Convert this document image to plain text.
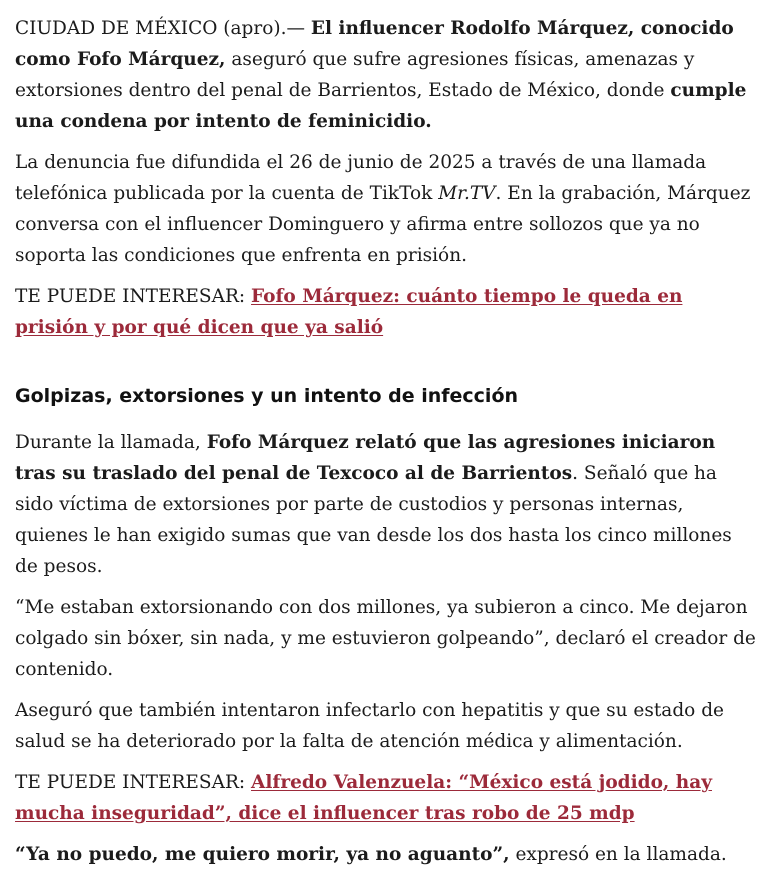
CIUDAD DE MÉXICO (apro).— El influencer Rodolfo Márquez, conocido como Fofo Márquez, aseguró que sufre agresiones físicas, amenazas y extorsiones dentro del penal de Barrientos, Estado de México, donde cumple una condena por intento de feminicidio.

La denuncia fue difundida el 26 de junio de 2025 a través de una llamada telefónica publicada por la cuenta de TikTok Mr.TV. En la grabación, Márquez conversa con el influencer Dominguero y afirma entre sollozos que ya no soporta las condiciones que enfrenta en prisión.

TE PUEDE INTERESAR: Fofo Márquez: cuánto tiempo le queda en prisión y por qué dicen que ya salió

Golpizas, extorsiones y un intento de infección

Durante la llamada, Fofo Márquez relató que las agresiones iniciaron tras su traslado del penal de Texcoco al de Barrientos. Señaló que ha sido víctima de extorsiones por parte de custodios y personas internas, quienes le han exigido sumas que van desde los dos hasta los cinco millones de pesos.

“Me estaban extorsionando con dos millones, ya subieron a cinco. Me dejaron colgado sin bóxer, sin nada, y me estuvieron golpeando”, declaró el creador de contenido.

Aseguró que también intentaron infectarlo con hepatitis y que su estado de salud se ha deteriorado por la falta de atención médica y alimentación.

TE PUEDE INTERESAR: Alfredo Valenzuela: “México está jodido, hay mucha inseguridad”, dice el influencer tras robo de 25 mdp

“Ya no puedo, me quiero morir, ya no aguanto”, expresó en la llamada.
